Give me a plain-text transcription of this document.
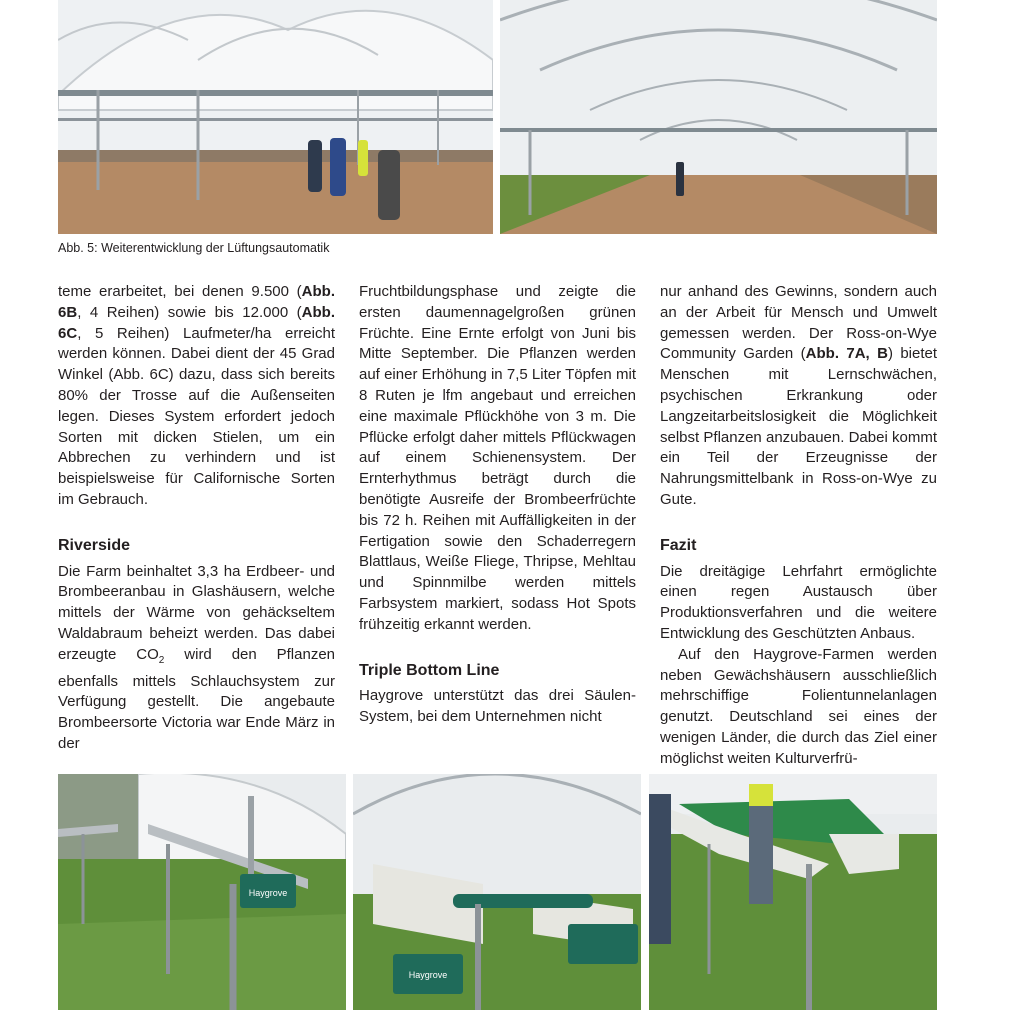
Abb. 5: Weiterentwicklung der Lüftungsautomatik

teme erarbeitet, bei denen 9.500 (Abb. 6B, 4 Reihen) sowie bis 12.000 (Abb. 6C, 5 Reihen) Laufmeter/ha erreicht werden können. Dabei dient der 45 Grad Winkel (Abb. 6C) dazu, dass sich bereits 80% der Trosse auf die Außenseiten legen. Dieses System erfordert jedoch Sorten mit dicken Stielen, um ein Abbrechen zu verhindern und ist beispielsweise für Californische Sorten im Gebrauch.

Riverside

Die Farm beinhaltet 3,3 ha Erdbeer- und Brombeeranbau in Glashäusern, welche mittels der Wärme von gehäckseltem Waldabraum beheizt werden. Das dabei erzeugte $CO_2$ wird den Pflanzen ebenfalls mittels Schlauchsystem zur Verfügung gestellt. Die angebaute Brombeersorte Victoria war Ende März in der

Fruchtbildungsphase und zeigte die ersten daumennagelgroßen grünen Früchte. Eine Ernte erfolgt von Juni bis Mitte September. Die Pflanzen werden auf einer Erhöhung in 7,5 Liter Töpfen mit 8 Ruten je lfm angebaut und erreichen eine maximale Pflückhöhe von 3 m. Die Pflücke erfolgt daher mittels Pflückwagen auf einem Schienensystem. Der Ernterhythmus beträgt durch die benötigte Ausreife der Brombeerfrüchte bis 72 h. Reihen mit Auffälligkeiten in der Fertigation sowie den Schaderregern Blattlaus, Weiße Fliege, Thripse, Mehltau und Spinnmilbe werden mittels Farbsystem markiert, sodass Hot Spots frühzeitig erkannt werden.

Triple Bottom Line

Haygrove unterstützt das drei Säulen-System, bei dem Unternehmen nicht

nur anhand des Gewinns, sondern auch an der Arbeit für Mensch und Umwelt gemessen werden. Der Ross-on-Wye Community Garden (Abb. 7A, B) bietet Menschen mit Lernschwächen, psychischen Erkrankung oder Langzeitarbeitslosigkeit die Möglichkeit selbst Pflanzen anzubauen. Dabei kommt ein Teil der Erzeugnisse der Nahrungsmittelbank in Ross-on-Wye zu Gute.

Fazit

Die dreitägige Lehrfahrt ermöglichte einen regen Austausch über Produktionsverfahren und die weitere Entwicklung des Geschützten Anbaus.

Auf den Haygrove-Farmen werden neben Gewächshäusern ausschließlich mehrschiffige Folientunnelanlagen genutzt. Deutschland sei eines der wenigen Länder, die durch das Ziel einer möglichst weiten Kulturverfrü-

Haygrove
Haygrove
